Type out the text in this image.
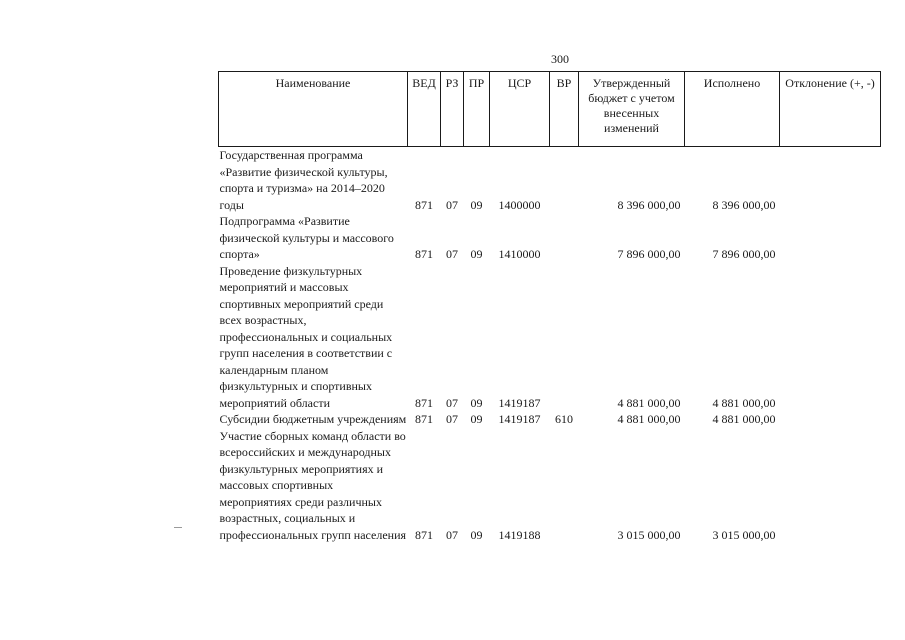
300
Наименование	ВЕД	РЗ	ПР	ЦСР	ВР	Утвержденный бюджет с учетом внесенных изменений	Исполнено	Отклонение (+, -)
Государственная программа «Развитие физической культуры, спорта и туризма» на 2014–2020 годы	871	07	09	1400000		8 396 000,00	8 396 000,00	
Подпрограмма «Развитие физической культуры и массового спорта»	871	07	09	1410000		7 896 000,00	7 896 000,00	
Проведение физкультурных мероприятий и массовых спортивных мероприятий среди всех возрастных, профессиональных и социальных групп населения в соответствии с календарным планом физкультурных и спортивных мероприятий области	871	07	09	1419187		4 881 000,00	4 881 000,00	
Субсидии бюджетным учреждениям	871	07	09	1419187	610	4 881 000,00	4 881 000,00	
Участие сборных команд области во всероссийских и международных физкультурных мероприятиях и массовых спортивных мероприятиях среди различных возрастных, социальных и профессиональных групп населения	871	07	09	1419188		3 015 000,00	3 015 000,00	
